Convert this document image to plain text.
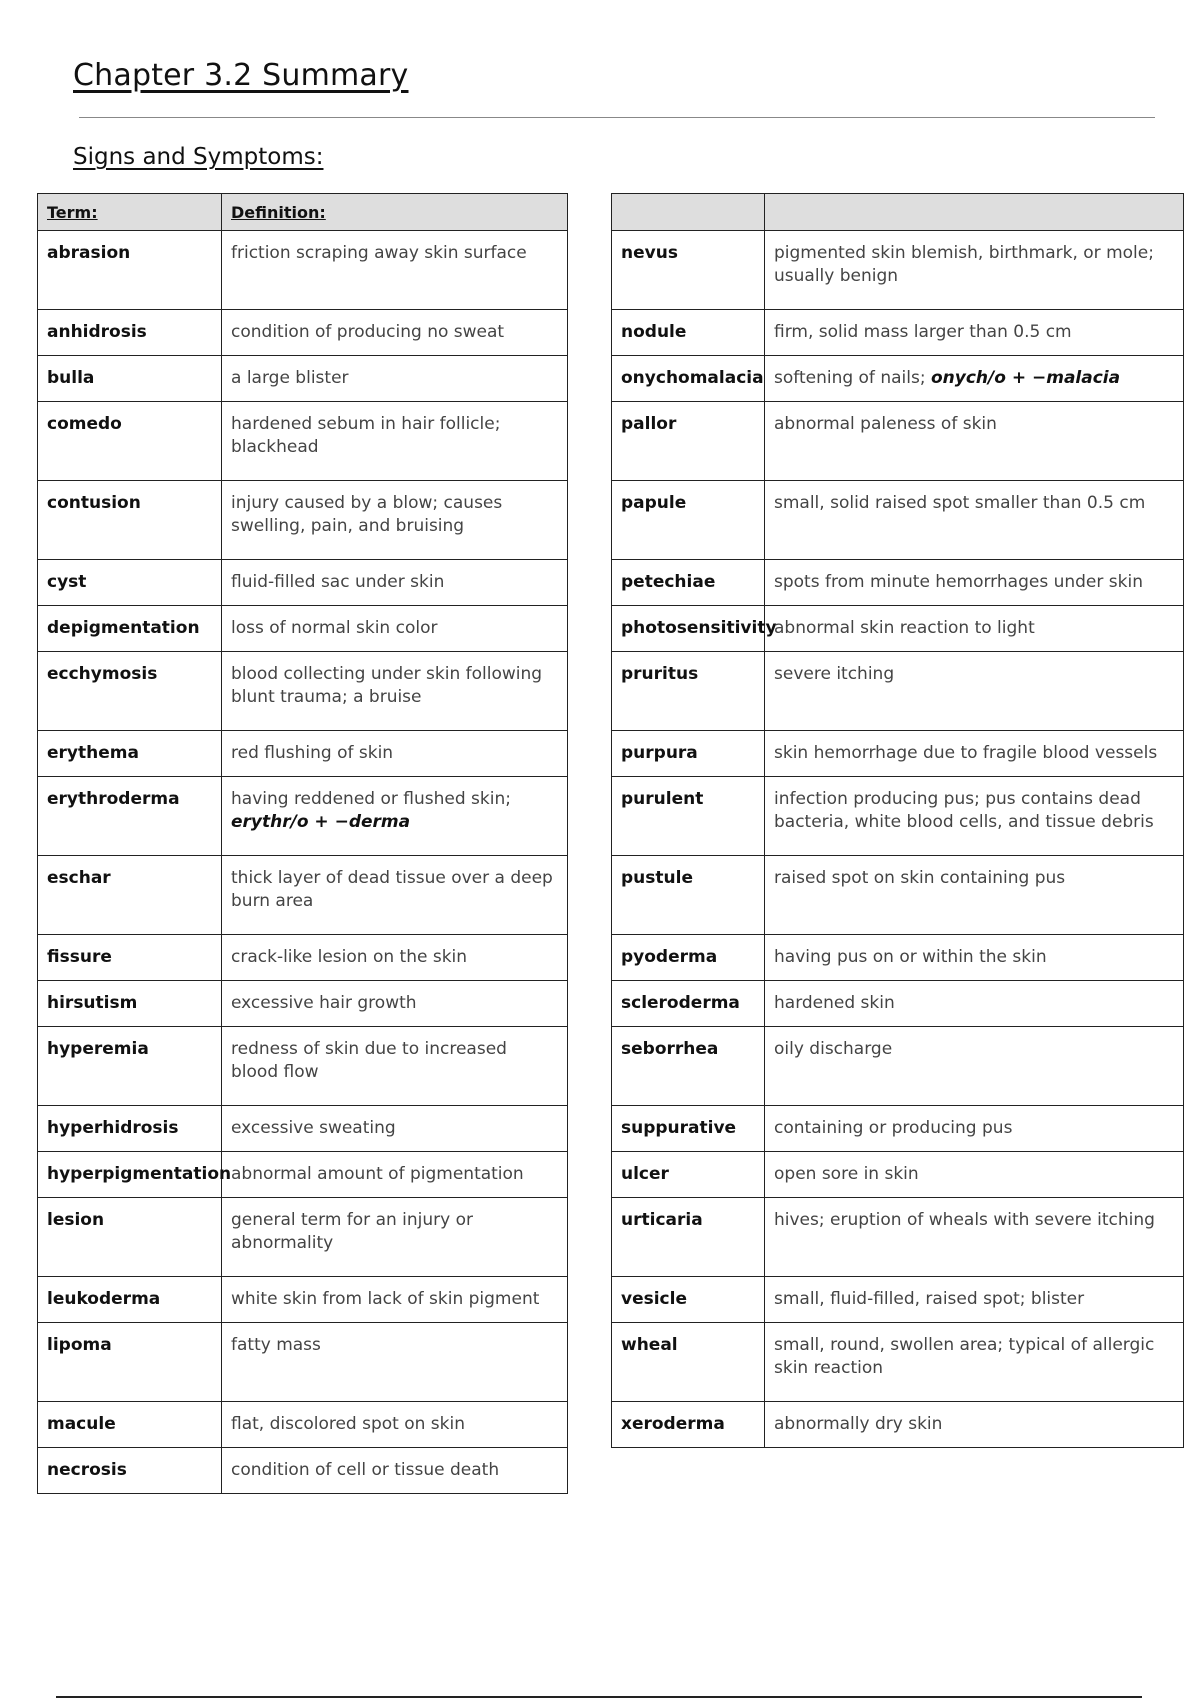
Chapter 3.2 Summary
Signs and Symptoms:
Term:	Definition:
abrasion	friction scraping away skin surface
anhidrosis	condition of producing no sweat
bulla	a large blister
comedo	hardened sebum in hair follicle; blackhead
contusion	injury caused by a blow; causes swelling, pain, and bruising
cyst	fluid-filled sac under skin
depigmentation	loss of normal skin color
ecchymosis	blood collecting under skin following blunt trauma; a bruise
erythema	red flushing of skin
erythroderma	having reddened or flushed skin; erythr/o + −derma
eschar	thick layer of dead tissue over a deep burn area
fissure	crack-like lesion on the skin
hirsutism	excessive hair growth
hyperemia	redness of skin due to increased blood flow
hyperhidrosis	excessive sweating
hyperpigmentation	abnormal amount of pigmentation
lesion	general term for an injury or abnormality
leukoderma	white skin from lack of skin pigment
lipoma	fatty mass
macule	flat, discolored spot on skin
necrosis	condition of cell or tissue death

nevus	pigmented skin blemish, birthmark, or mole; usually benign
nodule	firm, solid mass larger than 0.5 cm
onychomalacia	softening of nails; onych/o + −malacia
pallor	abnormal paleness of skin
papule	small, solid raised spot smaller than 0.5 cm
petechiae	spots from minute hemorrhages under skin
photosensitivity	abnormal skin reaction to light
pruritus	severe itching
purpura	skin hemorrhage due to fragile blood vessels
purulent	infection producing pus; pus contains dead bacteria, white blood cells, and tissue debris
pustule	raised spot on skin containing pus
pyoderma	having pus on or within the skin
scleroderma	hardened skin
seborrhea	oily discharge
suppurative	containing or producing pus
ulcer	open sore in skin
urticaria	hives; eruption of wheals with severe itching
vesicle	small, fluid-filled, raised spot; blister
wheal	small, round, swollen area; typical of allergic skin reaction
xeroderma	abnormally dry skin
